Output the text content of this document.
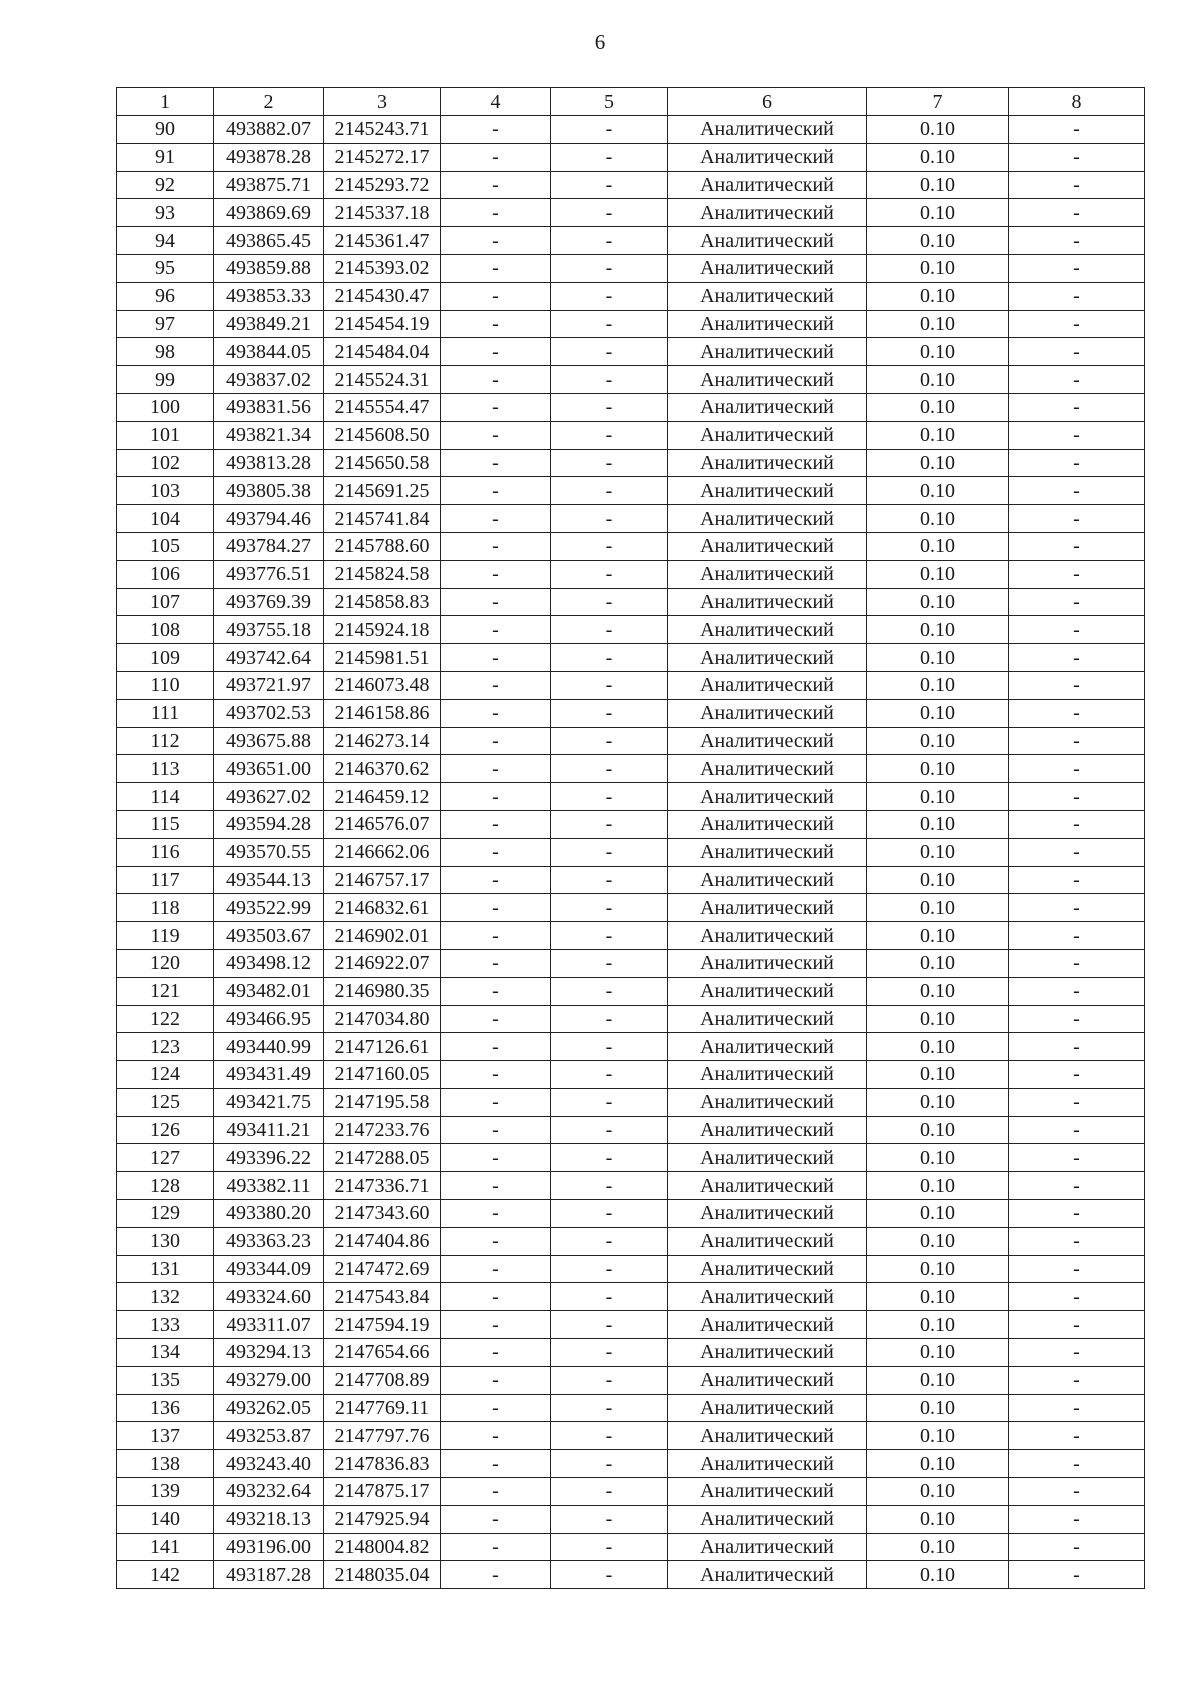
6
1	2	3	4	5	6	7	8
90	493882.07	2145243.71	-	-	Аналитический	0.10	-
91	493878.28	2145272.17	-	-	Аналитический	0.10	-
92	493875.71	2145293.72	-	-	Аналитический	0.10	-
93	493869.69	2145337.18	-	-	Аналитический	0.10	-
94	493865.45	2145361.47	-	-	Аналитический	0.10	-
95	493859.88	2145393.02	-	-	Аналитический	0.10	-
96	493853.33	2145430.47	-	-	Аналитический	0.10	-
97	493849.21	2145454.19	-	-	Аналитический	0.10	-
98	493844.05	2145484.04	-	-	Аналитический	0.10	-
99	493837.02	2145524.31	-	-	Аналитический	0.10	-
100	493831.56	2145554.47	-	-	Аналитический	0.10	-
101	493821.34	2145608.50	-	-	Аналитический	0.10	-
102	493813.28	2145650.58	-	-	Аналитический	0.10	-
103	493805.38	2145691.25	-	-	Аналитический	0.10	-
104	493794.46	2145741.84	-	-	Аналитический	0.10	-
105	493784.27	2145788.60	-	-	Аналитический	0.10	-
106	493776.51	2145824.58	-	-	Аналитический	0.10	-
107	493769.39	2145858.83	-	-	Аналитический	0.10	-
108	493755.18	2145924.18	-	-	Аналитический	0.10	-
109	493742.64	2145981.51	-	-	Аналитический	0.10	-
110	493721.97	2146073.48	-	-	Аналитический	0.10	-
111	493702.53	2146158.86	-	-	Аналитический	0.10	-
112	493675.88	2146273.14	-	-	Аналитический	0.10	-
113	493651.00	2146370.62	-	-	Аналитический	0.10	-
114	493627.02	2146459.12	-	-	Аналитический	0.10	-
115	493594.28	2146576.07	-	-	Аналитический	0.10	-
116	493570.55	2146662.06	-	-	Аналитический	0.10	-
117	493544.13	2146757.17	-	-	Аналитический	0.10	-
118	493522.99	2146832.61	-	-	Аналитический	0.10	-
119	493503.67	2146902.01	-	-	Аналитический	0.10	-
120	493498.12	2146922.07	-	-	Аналитический	0.10	-
121	493482.01	2146980.35	-	-	Аналитический	0.10	-
122	493466.95	2147034.80	-	-	Аналитический	0.10	-
123	493440.99	2147126.61	-	-	Аналитический	0.10	-
124	493431.49	2147160.05	-	-	Аналитический	0.10	-
125	493421.75	2147195.58	-	-	Аналитический	0.10	-
126	493411.21	2147233.76	-	-	Аналитический	0.10	-
127	493396.22	2147288.05	-	-	Аналитический	0.10	-
128	493382.11	2147336.71	-	-	Аналитический	0.10	-
129	493380.20	2147343.60	-	-	Аналитический	0.10	-
130	493363.23	2147404.86	-	-	Аналитический	0.10	-
131	493344.09	2147472.69	-	-	Аналитический	0.10	-
132	493324.60	2147543.84	-	-	Аналитический	0.10	-
133	493311.07	2147594.19	-	-	Аналитический	0.10	-
134	493294.13	2147654.66	-	-	Аналитический	0.10	-
135	493279.00	2147708.89	-	-	Аналитический	0.10	-
136	493262.05	2147769.11	-	-	Аналитический	0.10	-
137	493253.87	2147797.76	-	-	Аналитический	0.10	-
138	493243.40	2147836.83	-	-	Аналитический	0.10	-
139	493232.64	2147875.17	-	-	Аналитический	0.10	-
140	493218.13	2147925.94	-	-	Аналитический	0.10	-
141	493196.00	2148004.82	-	-	Аналитический	0.10	-
142	493187.28	2148035.04	-	-	Аналитический	0.10	-
